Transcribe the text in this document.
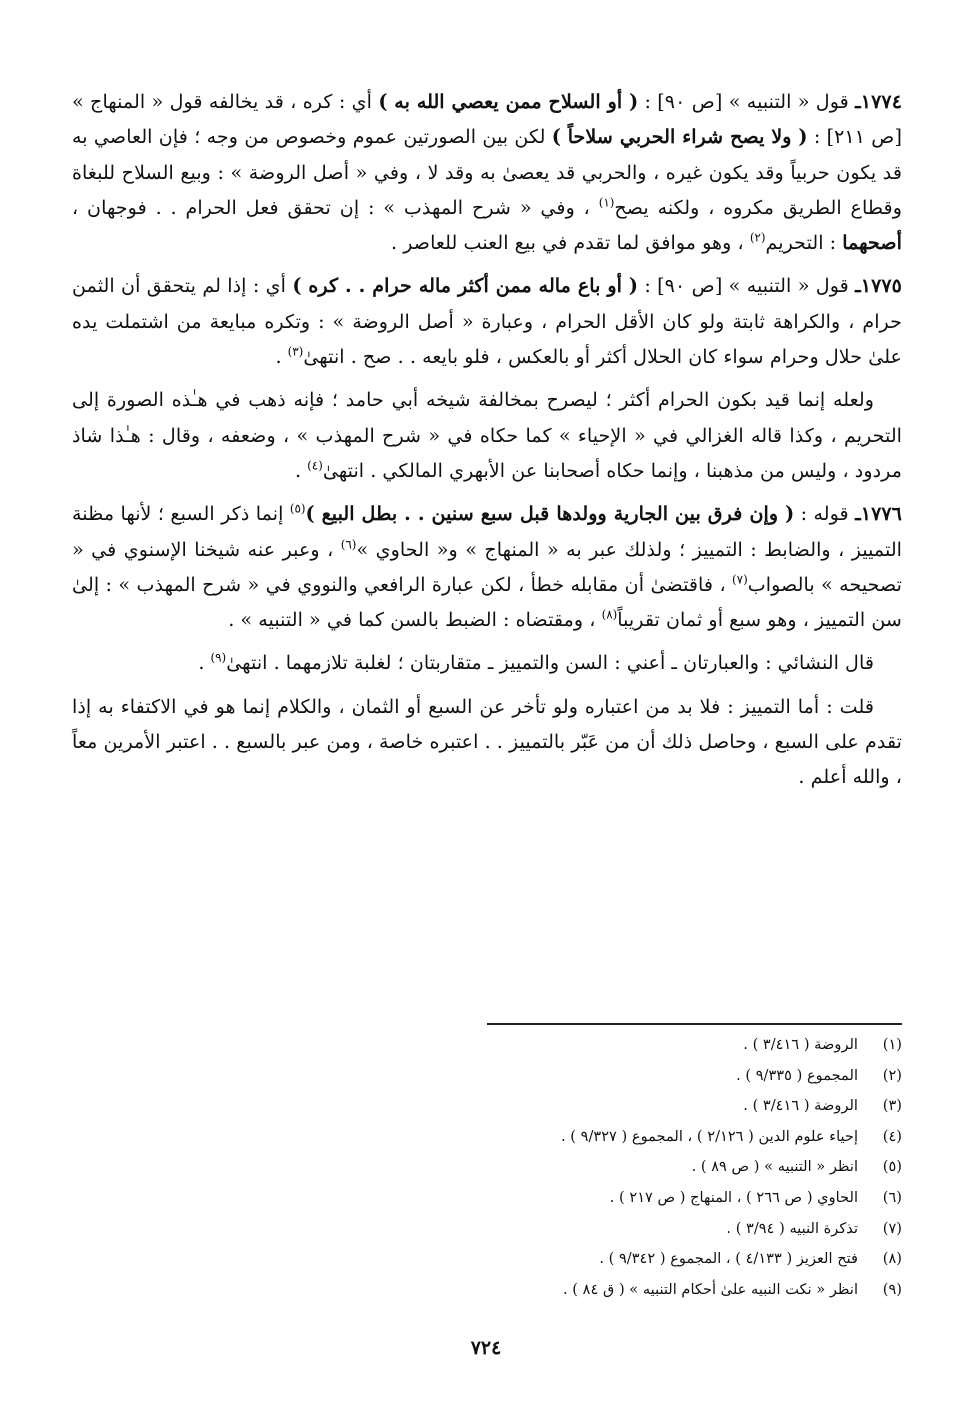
١٧٧٤ـ قول « التنبيه » [ص ٩٠] : ( أو السلاح ممن يعصي الله به ) أي : كره ، قد يخالفه قول « المنهاج » [ص ٢١١] : ( ولا يصح شراء الحربي سلاحاً ) لكن بين الصورتين عموم وخصوص من وجه ؛ فإن العاصي به قد يكون حربياً وقد يكون غيره ، والحربي قد يعصىٰ به وقد لا ، وفي « أصل الروضة » : وبيع السلاح للبغاة وقطاع الطريق مكروه ، ولكنه يصح$^{(١)}$ ، وفي « شرح المهذب » : إن تحقق فعل الحرام . . فوجهان ، أصحهما : التحريم$^{(٢)}$ ، وهو موافق لما تقدم في بيع العنب للعاصر .

١٧٧٥ـ قول « التنبيه » [ص ٩٠] : ( أو باع ماله ممن أكثر ماله حرام . . كره ) أي : إذا لم يتحقق أن الثمن حرام ، والكراهة ثابتة ولو كان الأقل الحرام ، وعبارة « أصل الروضة » : وتكره مبايعة من اشتملت يده علىٰ حلال وحرام سواء كان الحلال أكثر أو بالعكس ، فلو بايعه . . صح . انتهىٰ$^{(٣)}$ .

ولعله إنما قيد بكون الحرام أكثر ؛ ليصرح بمخالفة شيخه أبي حامد ؛ فإنه ذهب في هـٰذه الصورة إلى التحريم ، وكذا قاله الغزالي في « الإحياء » كما حكاه في « شرح المهذب » ، وضعفه ، وقال : هـٰذا شاذ مردود ، وليس من مذهبنا ، وإنما حكاه أصحابنا عن الأبهري المالكي . انتهىٰ$^{(٤)}$ .

١٧٧٦ـ قوله : ( وإن فرق بين الجارية وولدها قبل سبع سنين . . بطل البيع )$^{(٥)}$ إنما ذكر السبع ؛ لأنها مظنة التمييز ، والضابط : التمييز ؛ ولذلك عبر به « المنهاج » و« الحاوي »$^{(٦)}$ ، وعبر عنه شيخنا الإسنوي في « تصحيحه » بالصواب$^{(٧)}$ ، فاقتضىٰ أن مقابله خطأ ، لكن عبارة الرافعي والنووي في « شرح المهذب » : إلىٰ سن التمييز ، وهو سبع أو ثمان تقريباً$^{(٨)}$ ، ومقتضاه : الضبط بالسن كما في « التنبيه » .

قال النشائي : والعبارتان ـ أعني : السن والتمييز ـ متقاربتان ؛ لغلبة تلازمهما . انتهىٰ$^{(٩)}$ .

قلت : أما التمييز : فلا بد من اعتباره ولو تأخر عن السبع أو الثمان ، والكلام إنما هو في الاكتفاء به إذا تقدم على السبع ، وحاصل ذلك أن من عَبّر بالتمييز . . اعتبره خاصة ، ومن عبر بالسبع . . اعتبر الأمرين معاً ، والله أعلم .

(١)
الروضة ( ٣/٤١٦ ) .
(٢)
المجموع ( ٩/٣٣٥ ) .
(٣)
الروضة ( ٣/٤١٦ ) .
(٤)
إحياء علوم الدين ( ٢/١٢٦ ) ، المجموع ( ٩/٣٢٧ ) .
(٥)
انظر « التنبيه » ( ص ٨٩ ) .
(٦)
الحاوي ( ص ٢٦٦ ) ، المنهاج ( ص ٢١٧ ) .
(٧)
تذكرة النبيه ( ٣/٩٤ ) .
(٨)
فتح العزيز ( ٤/١٣٣ ) ، المجموع ( ٩/٣٤٢ ) .
(٩)
انظر « نكت النبيه علىٰ أحكام التنبيه » ( ق ٨٤ ) .
٧٢٤
